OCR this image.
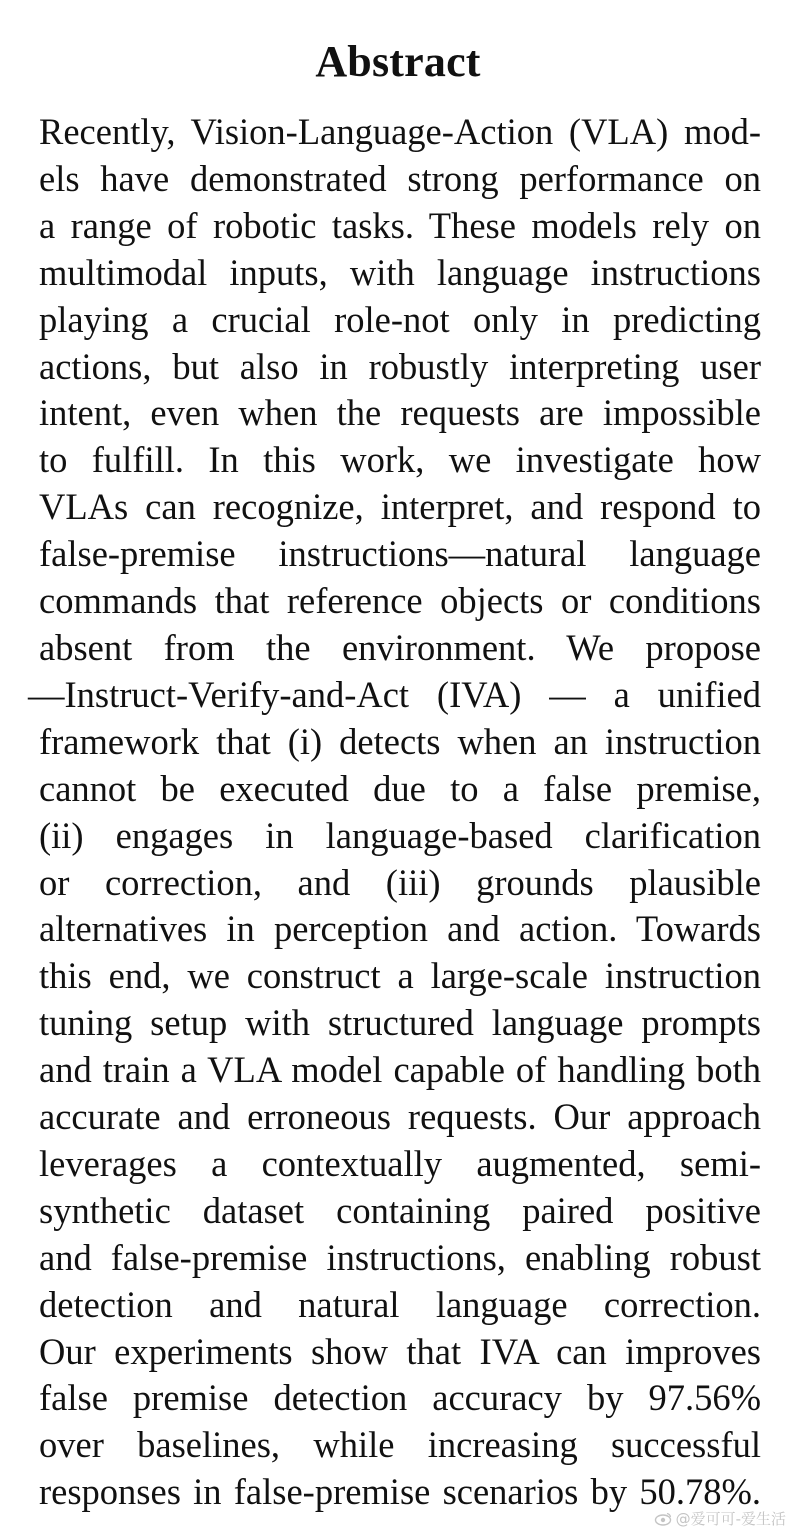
Abstract
Recently, Vision-Language-Action (VLA) mod-
els have demonstrated strong performance on
a range of robotic tasks. These models rely on
multimodal inputs, with language instructions
playing a crucial role-not only in predicting
actions, but also in robustly interpreting user
intent, even when the requests are impossible
to fulfill. In this work, we investigate how
VLAs can recognize, interpret, and respond to
false-premise instructions—natural language
commands that reference objects or conditions
absent from the environment. We propose
—Instruct-Verify-and-Act (IVA) — a unified
framework that (i) detects when an instruction
cannot be executed due to a false premise,
(ii) engages in language-based clarification
or correction, and (iii) grounds plausible
alternatives in perception and action. Towards
this end, we construct a large-scale instruction
tuning setup with structured language prompts
and train a VLA model capable of handling both
accurate and erroneous requests. Our approach
leverages a contextually augmented, semi-
synthetic dataset containing paired positive
and false-premise instructions, enabling robust
detection and natural language correction.
Our experiments show that IVA can improves
false premise detection accuracy by 97.56%
over baselines, while increasing successful
responses in false-premise scenarios by 50.78%.
@爱可可-爱生活
